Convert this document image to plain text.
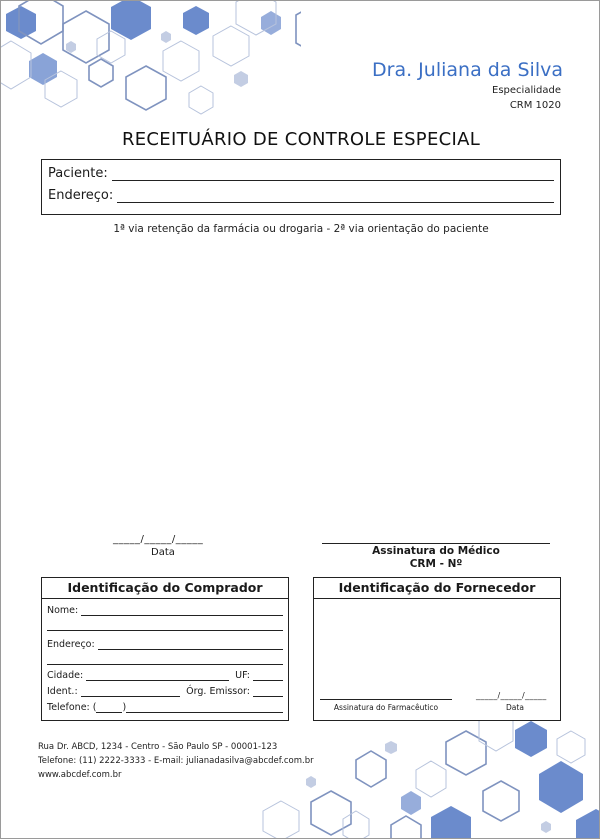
Dra. Juliana da Silva
Especialidade
CRM 1020
RECEITUÁRIO DE CONTROLE ESPECIAL
Paciente:
Endereço:
1ª via retenção da farmácia ou drogaria - 2ª via orientação do paciente
_____/_____/_____
Data	Assinatura do Médico
CRM - Nº
Identificação do Comprador
Nome:
Endereço:
Cidade:	UF:
Ident.:	Órg. Emissor:
Telefone: (	)
Identificação do Fornecedor
Assinatura do Farmacêutico
_____/_____/_____
Data
Rua Dr. ABCD, 1234 - Centro - São Paulo SP - 00001-123
Telefone: (11) 2222-3333 - E-mail: julianadasilva@abcdef.com.br
www.abcdef.com.br
